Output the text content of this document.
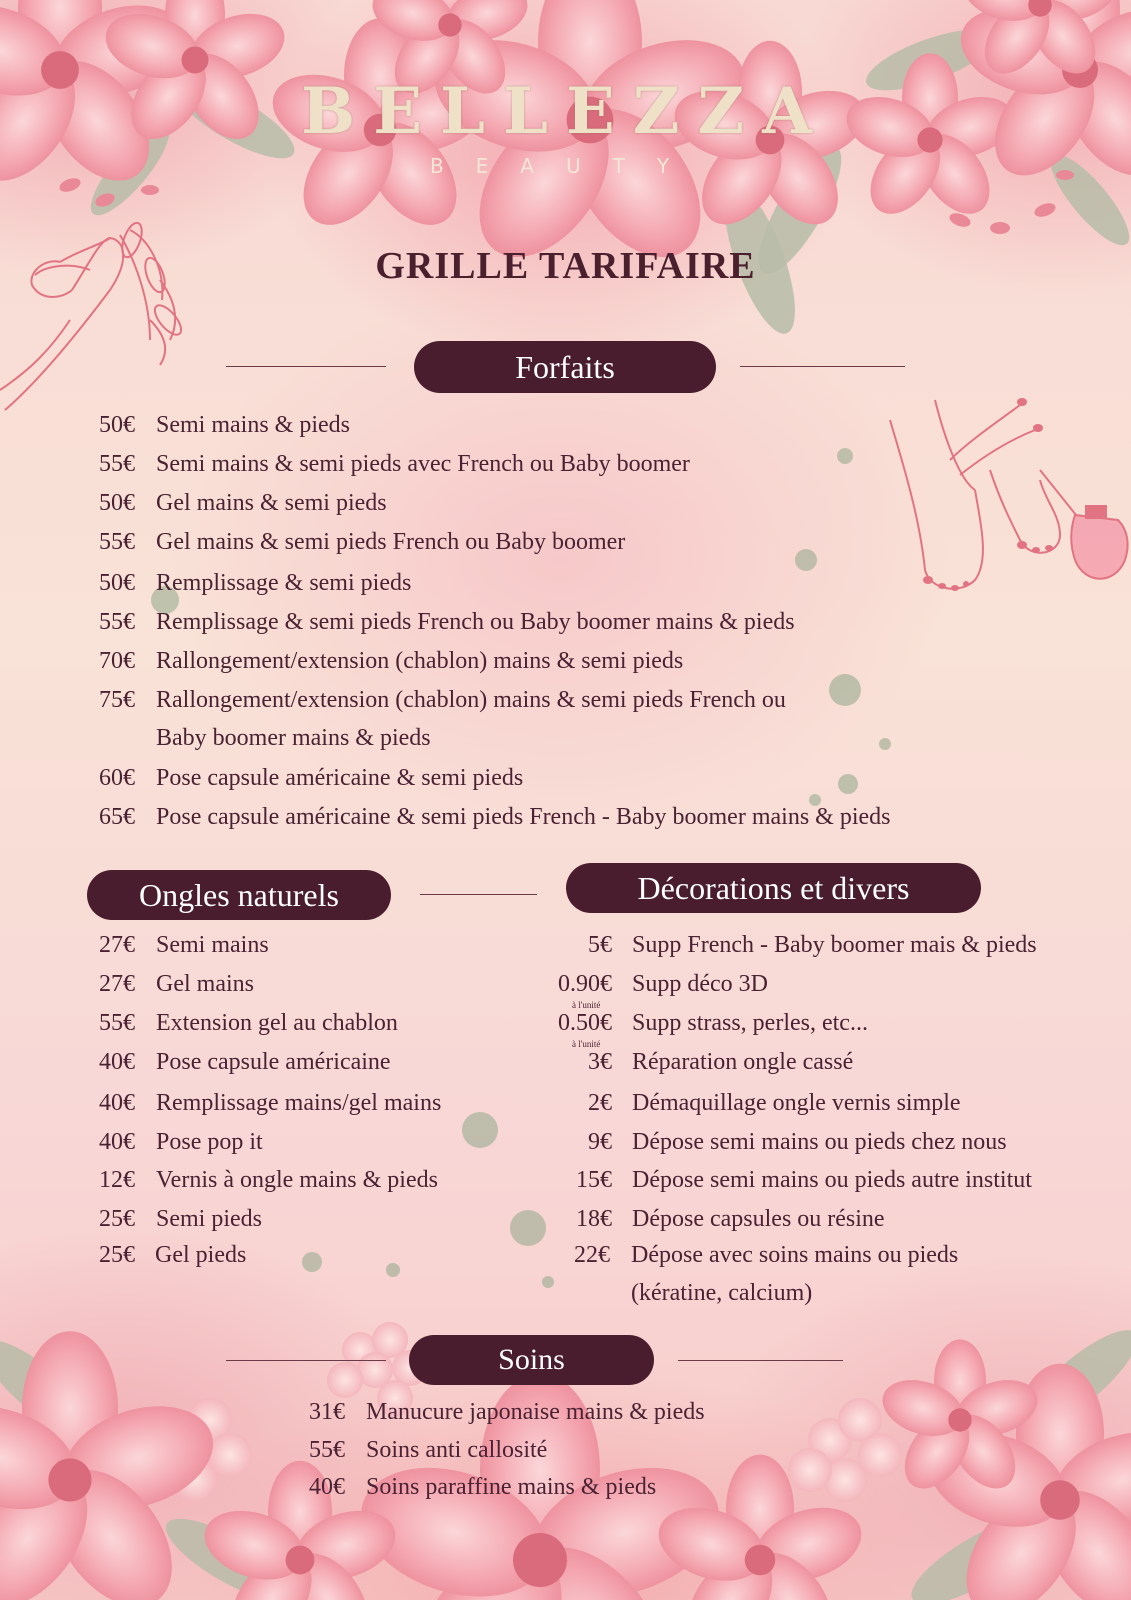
BELLEZZA
BEAUTY
GRILLE TARIFAIRE
Forfaits
50€ Semi mains & pieds
55€ Semi mains & semi pieds avec French ou Baby boomer
50€ Gel mains & semi pieds
55€ Gel mains & semi pieds French ou Baby boomer
50€ Remplissage & semi pieds
55€ Remplissage & semi pieds French ou Baby boomer mains & pieds
70€ Rallongement/extension (chablon) mains & semi pieds
75€ Rallongement/extension (chablon) mains & semi pieds French ou
Baby boomer mains & pieds
60€ Pose capsule américaine & semi pieds
65€ Pose capsule américaine & semi pieds French - Baby boomer mains & pieds
Ongles naturels	Décorations et divers
27€ Semi mains
27€ Gel mains
55€ Extension gel au chablon
40€ Pose capsule américaine
40€ Remplissage mains/gel mains
40€ Pose pop it
12€ Vernis à ongle mains & pieds
25€ Semi pieds
25€ Gel pieds
5€ Supp French - Baby boomer mais & pieds
0.90€ Supp déco 3D
à l'unité
0.50€ Supp strass, perles, etc...
à l'unité
3€ Réparation ongle cassé
2€ Démaquillage ongle vernis simple
9€ Dépose semi mains ou pieds chez nous
15€ Dépose semi mains ou pieds autre institut
18€ Dépose capsules ou résine
22€ Dépose avec soins mains ou pieds
(kératine, calcium)
Soins
31€ Manucure japonaise mains & pieds
55€ Soins anti callosité
40€ Soins paraffine mains & pieds
